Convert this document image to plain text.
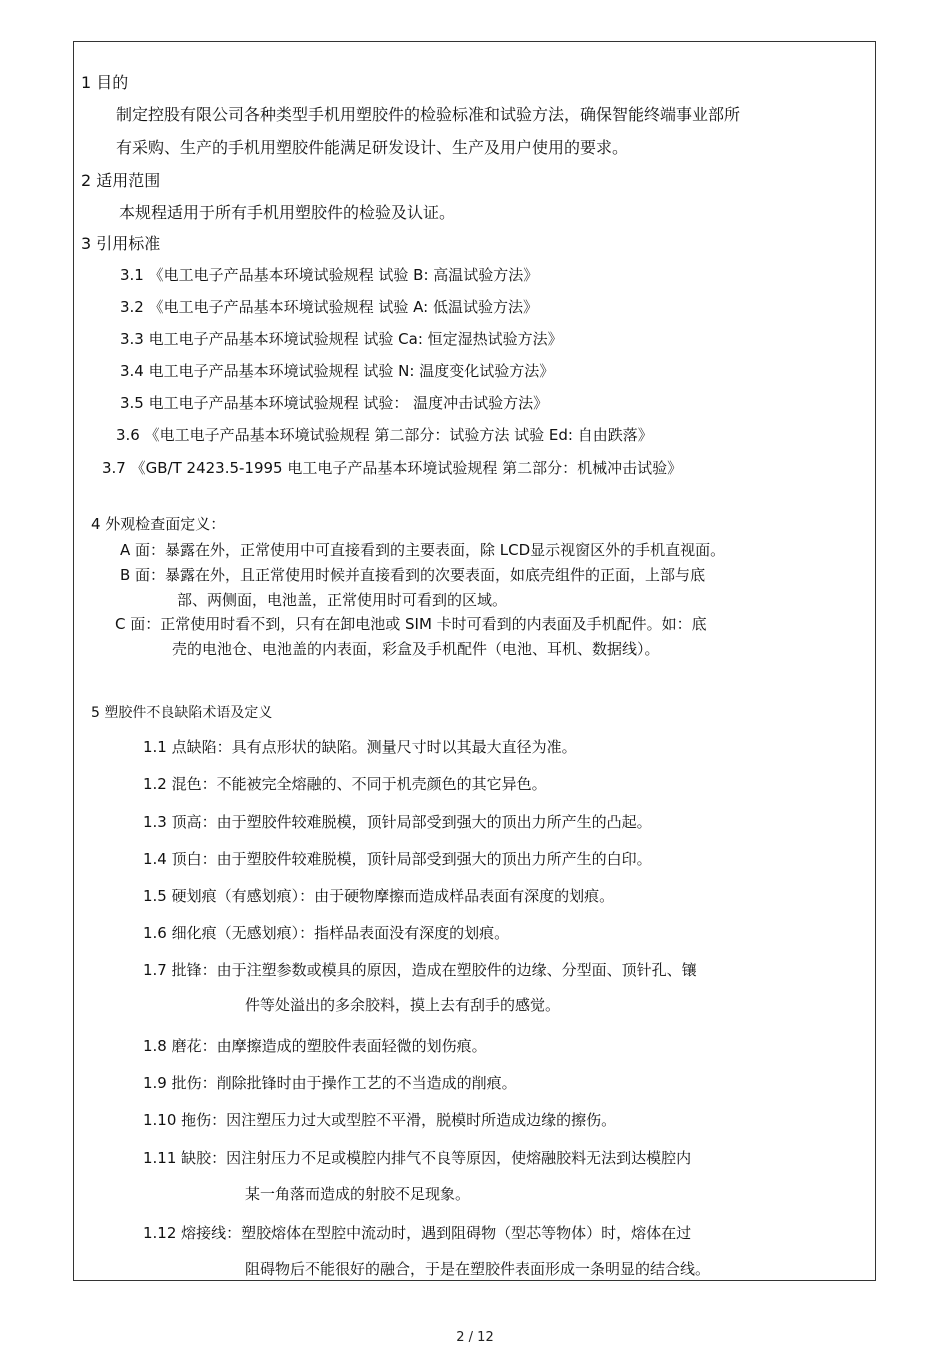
1 目的
制定控股有限公司各种类型手机用塑胶件的检验标准和试验方法，确保智能终端事业部所
有采购、生产的手机用塑胶件能满足研发设计、生产及用户使用的要求。
2 适用范围
本规程适用于所有手机用塑胶件的检验及认证。
3 引用标准
3.1 《电工电子产品基本环境试验规程 试验 B: 高温试验方法》
3.2 《电工电子产品基本环境试验规程 试验 A: 低温试验方法》
3.3 电工电子产品基本环境试验规程 试验 Ca: 恒定湿热试验方法》
3.4 电工电子产品基本环境试验规程 试验 N: 温度变化试验方法》
3.5 电工电子产品基本环境试验规程 试验： 温度冲击试验方法》
3.6 《电工电子产品基本环境试验规程 第二部分：试验方法 试验 Ed: 自由跌落》
3.7 《GB/T 2423.5-1995 电工电子产品基本环境试验规程 第二部分：机械冲击试验》
4 外观检查面定义：
A 面：暴露在外，正常使用中可直接看到的主要表面，除 LCD显示视窗区外的手机直视面。
B 面：暴露在外，且正常使用时候并直接看到的次要表面，如底壳组件的正面，上部与底
部、两侧面，电池盖，正常使用时可看到的区域。
C 面：正常使用时看不到，只有在卸电池或 SIM 卡时可看到的内表面及手机配件。如：底
壳的电池仓、电池盖的内表面，彩盒及手机配件（电池、耳机、数据线）。
5 塑胶件不良缺陷术语及定义
1.1 点缺陷：具有点形状的缺陷。测量尺寸时以其最大直径为准。
1.2 混色：不能被完全熔融的、不同于机壳颜色的其它异色。
1.3 顶高：由于塑胶件较难脱模，顶针局部受到强大的顶出力所产生的凸起。
1.4 顶白：由于塑胶件较难脱模，顶针局部受到强大的顶出力所产生的白印。
1.5 硬划痕（有感划痕）：由于硬物摩擦而造成样品表面有深度的划痕。
1.6 细化痕（无感划痕）：指样品表面没有深度的划痕。
1.7 批锋：由于注塑参数或模具的原因，造成在塑胶件的边缘、分型面、顶针孔、镶
件等处溢出的多余胶料，摸上去有刮手的感觉。
1.8 磨花：由摩擦造成的塑胶件表面轻微的划伤痕。
1.9 批伤：削除批锋时由于操作工艺的不当造成的削痕。
1.10 拖伤：因注塑压力过大或型腔不平滑，脱模时所造成边缘的擦伤。
1.11 缺胶：因注射压力不足或模腔内排气不良等原因，使熔融胶料无法到达模腔内
某一角落而造成的射胶不足现象。
1.12 熔接线：塑胶熔体在型腔中流动时，遇到阻碍物（型芯等物体）时，熔体在过
阻碍物后不能很好的融合，于是在塑胶件表面形成一条明显的结合线。
2 / 12
